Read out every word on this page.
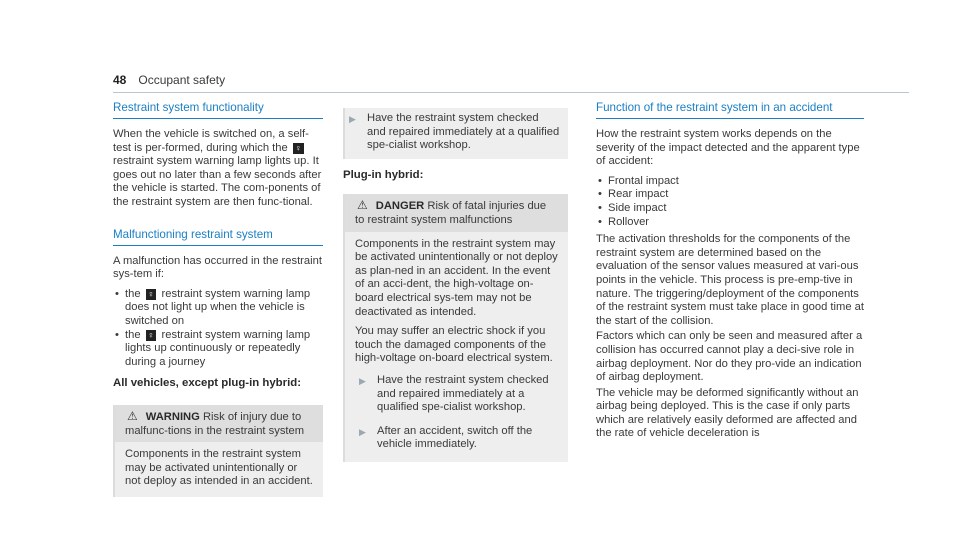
48 Occupant safety
Restraint system functionality

When the vehicle is switched on, a self-test is per-formed, during which the ♀ restraint system warning lamp lights up. It goes out no later than a few seconds after the vehicle is started. The com-ponents of the restraint system are then func-tional.

Malfunctioning restraint system

A malfunction has occurred in the restraint sys-tem if:

• the ♀ restraint system warning lamp does not light up when the vehicle is switched on
• the ♀ restraint system warning lamp lights up continuously or repeatedly during a journey
All vehicles, except plug-in hybrid:
⚠ WARNING Risk of injury due to malfunc-tions in the restraint system
Components in the restraint system may be activated unintentionally or not deploy as intended in an accident.
▶ Have the restraint system checked and repaired immediately at a qualified spe-cialist workshop.
Plug-in hybrid:
⚠ DANGER Risk of fatal injuries due to restraint system malfunctions

Components in the restraint system may be activated unintentionally or not deploy as plan-ned in an accident. In the event of an acci-dent, the high-voltage on-board electrical sys-tem may not be deactivated as intended.

You may suffer an electric shock if you touch the damaged components of the high-voltage on-board electrical system.

▶ Have the restraint system checked and repaired immediately at a qualified spe-cialist workshop.
▶ After an accident, switch off the vehicle immediately.
Function of the restraint system in an accident

How the restraint system works depends on the severity of the impact detected and the apparent type of accident:

• Frontal impact
• Rear impact
• Side impact
• Rollover

The activation thresholds for the components of the restraint system are determined based on the evaluation of the sensor values measured at vari-ous points in the vehicle. This process is pre-emp-tive in nature. The triggering/deployment of the components of the restraint system must take place in good time at the start of the collision.

Factors which can only be seen and measured after a collision has occurred cannot play a deci-sive role in airbag deployment. Nor do they pro-vide an indication of airbag deployment.

The vehicle may be deformed significantly without an airbag being deployed. This is the case if only parts which are relatively easily deformed are affected and the rate of vehicle deceleration is
